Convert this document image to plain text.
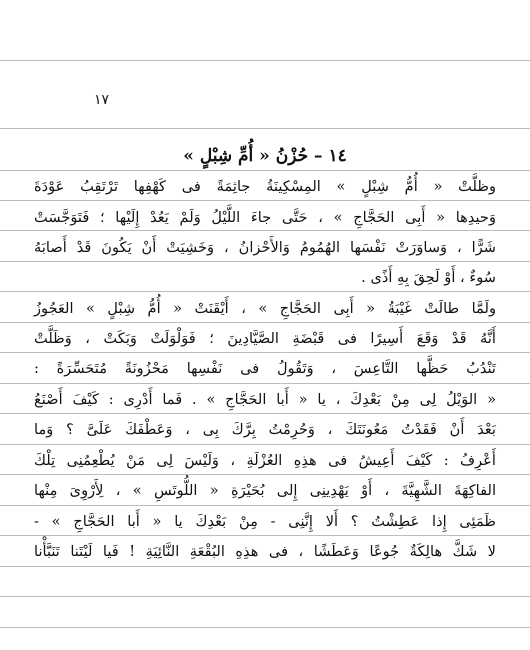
١٧
١٤ – حُزْنُ « أُمِّ شِبْلٍ »
وظلَّتْ « أُمُّ شِبْلٍ » المِسْكِينَةُ جاثِمَةً فى كَهْفِها تَرْتَقِبُ عَوْدَةَ
وَحيدِها « أَبِى الحَجَّاجِ » ، حَتَّى جاءَ اللَّيْلُ وَلَمْ يَعُدْ إِلَيْها ؛ فَتَوَجَّسَتْ
شَرًّا ، وَساوَرَتْ نَفْسَها الهُمُومُ وَالأَحْزانُ ، وَخَشِيَتْ أَنْ يَكُونَ قَدْ أَصابَهُ
سُوءٌ ، أَوْ لَحِقَ بِهِ أَذًى .
ولَمَّا طالَتْ غَيْبَةُ « أَبِى الحَجَّاجِ » ، أَيْقَنَتْ « أُمُّ شِبْلٍ » العَجُوزُ
أَنَّهُ قَدْ وَقَعَ أَسِيرًا فى قَبْضَةِ الصَّيَّادِينَ ؛ فَوَلْوَلَتْ وَبَكَتْ ، وَظَلَّتْ
تَنْدُبُ حَظَّها التَّاعِسَ ، وَتَقُولُ فى نَفْسِها مَحْزُونَةً مُتَحَسِّرَةً :
« الوَيْلُ لِى مِنْ بَعْدِكَ ، يا « أَبا الحَجَّاجِ » . فَما أَدْرِى : كَيْفَ أَصْنَعُ
بَعْدَ أَنْ فَقَدْتُ مَعُونَتَكَ ، وَحُرِمْتُ بِرَّكَ بِى ، وَعَطْفَكَ عَلَىَّ ؟ وَما
أَعْرِفُ : كَيْفَ أَعِيشُ فى هذِهِ العُزْلَةِ ، وَلَيْسَ لِى مَنْ يُطْعِمُنِى تِلْكَ
الفاكِهَةَ الشَّهِيَّةَ ، أَوْ يَهْدِينِى إِلى بُحَيْرَةِ « اللُّوتَسِ » ، لِأَرْوِىَ مِنْها
ظَمَئِى إِذا عَطِشْتُ ؟ أَلا إِنَّنِى - مِنْ بَعْدِكَ يا « أَبا الحَجَّاجِ » -
لا شَكَّ هالِكَةٌ جُوعًا وَعَطَشًا ، فى هذِهِ البُقْعَةِ النَّائِيَةِ ! فَيا لَيْتَنا تَنَبَّأْنا
